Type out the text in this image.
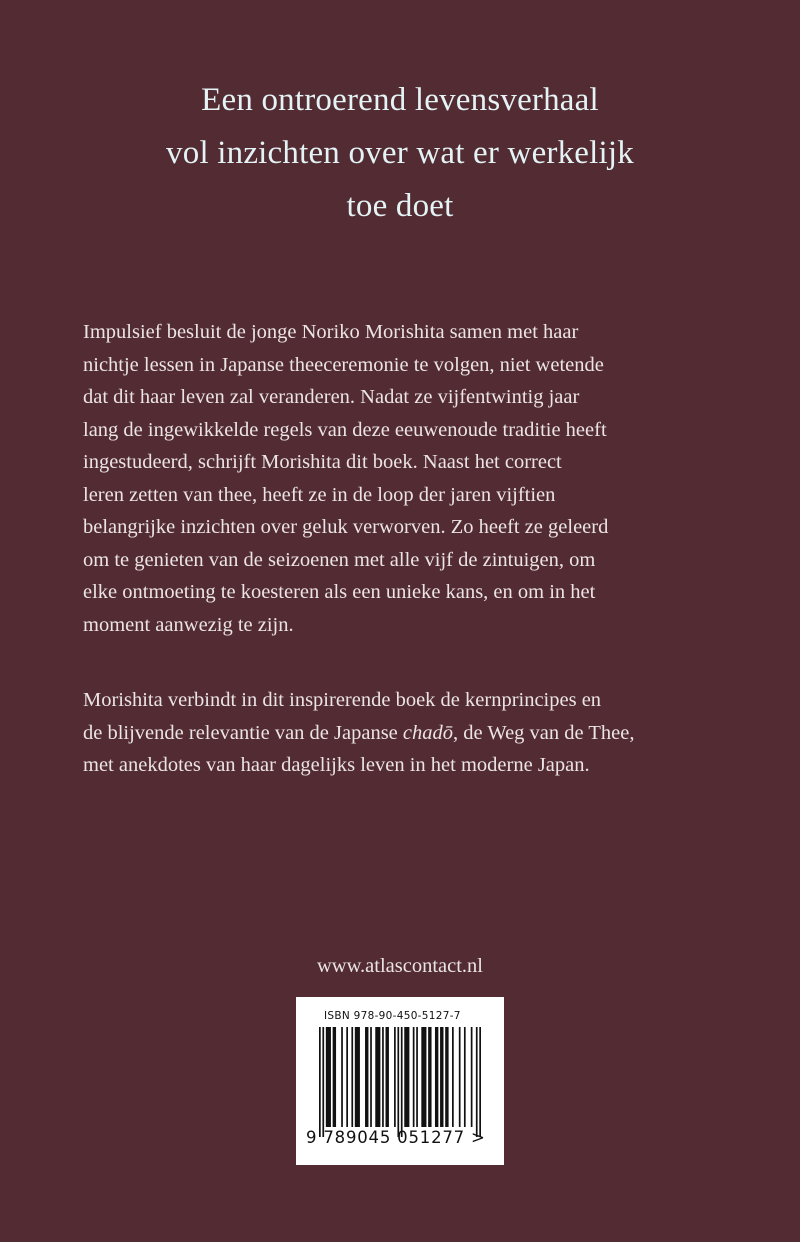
Een ontroerend levensverhaal
vol inzichten over wat er werkelijk
toe doet
Impulsief besluit de jonge Noriko Morishita samen met haar
nichtje lessen in Japanse theeceremonie te volgen, niet wetende
dat dit haar leven zal veranderen. Nadat ze vijfentwintig jaar
lang de ingewikkelde regels van deze eeuwenoude traditie heeft
ingestudeerd, schrijft Morishita dit boek. Naast het correct
leren zetten van thee, heeft ze in de loop der jaren vijftien
belangrijke inzichten over geluk verworven. Zo heeft ze geleerd
om te genieten van de seizoenen met alle vijf de zintuigen, om
elke ontmoeting te koesteren als een unieke kans, en om in het
moment aanwezig te zijn.
Morishita verbindt in dit inspirerende boek de kernprincipes en
de blijvende relevantie van de Japanse chadō, de Weg van de Thee,
met anekdotes van haar dagelijks leven in het moderne Japan.
www.atlascontact.nl
ISBN 978-90-450-5127-7
9 789045 051277 >
